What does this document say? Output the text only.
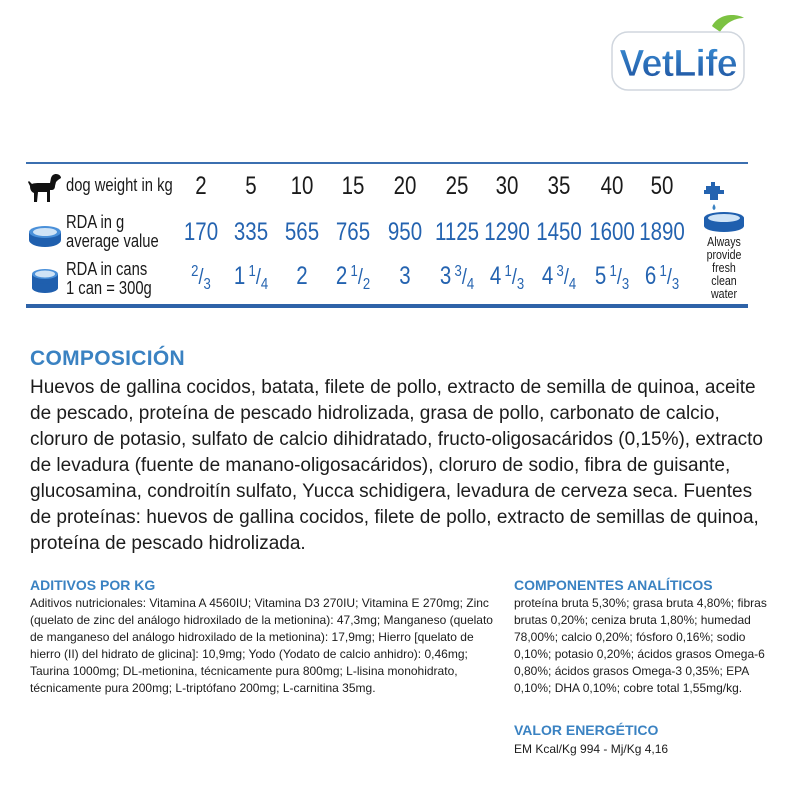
VetLife
dog weight in kg
RDA in g
average value
RDA in cans
1 can = 300g
2 5 10 15 20 25 30 35 40 50
170 335 565 765 950 1125 1290 1450 1600 1890
$^2/_3$ 1 $^1/_4$ 2 2 $^1/_2$ 3 3 $^3/_4$ 4 $^1/_3$ 4 $^3/_4$ 5 $^1/_3$ 6 $^1/_3$
Always
provide fresh
clean water
COMPOSICIÓN
Huevos de gallina cocidos, batata, filete de pollo, extracto de semilla de quinoa, aceite de pescado, proteína de pescado hidrolizada, grasa de pollo, carbonato de calcio, cloruro de potasio, sulfato de calcio dihidratado, fructo-oligosacáridos (0,15%), extracto de levadura (fuente de manano-oligosacáridos), cloruro de sodio, fibra de guisante, glucosamina, condroitín sulfato, Yucca schidigera, levadura de cerveza seca. Fuentes de proteínas: huevos de gallina cocidos, filete de pollo, extracto de semillas de quinoa, proteína de pescado hidrolizada.
ADITIVOS POR KG
Aditivos nutricionales: Vitamina A 4560IU; Vitamina D3 270IU; Vitamina E 270mg; Zinc (quelato de zinc del análogo hidroxilado de la metionina): 47,3mg; Manganeso (quelato de manganeso del análogo hidroxilado de la metionina): 17,9mg; Hierro [quelato de hierro (II) del hidrato de glicina]: 10,9mg; Yodo (Yodato de calcio anhidro): 0,46mg; Taurina 1000mg; DL-metionina, técnicamente pura 800mg; L-lisina monohidrato, técnicamente pura 200mg; L-triptófano 200mg; L-carnitina 35mg.
COMPONENTES ANALÍTICOS
proteína bruta 5,30%; grasa bruta 4,80%; fibras brutas 0,20%; ceniza bruta 1,80%; humedad 78,00%; calcio 0,20%; fósforo 0,16%; sodio 0,10%; potasio 0,20%; ácidos grasos Omega-6 0,80%; ácidos grasos Omega-3 0,35%; EPA 0,10%; DHA 0,10%; cobre total 1,55mg/kg.
VALOR ENERGÉTICO
EM Kcal/Kg 994 - Mj/Kg 4,16
